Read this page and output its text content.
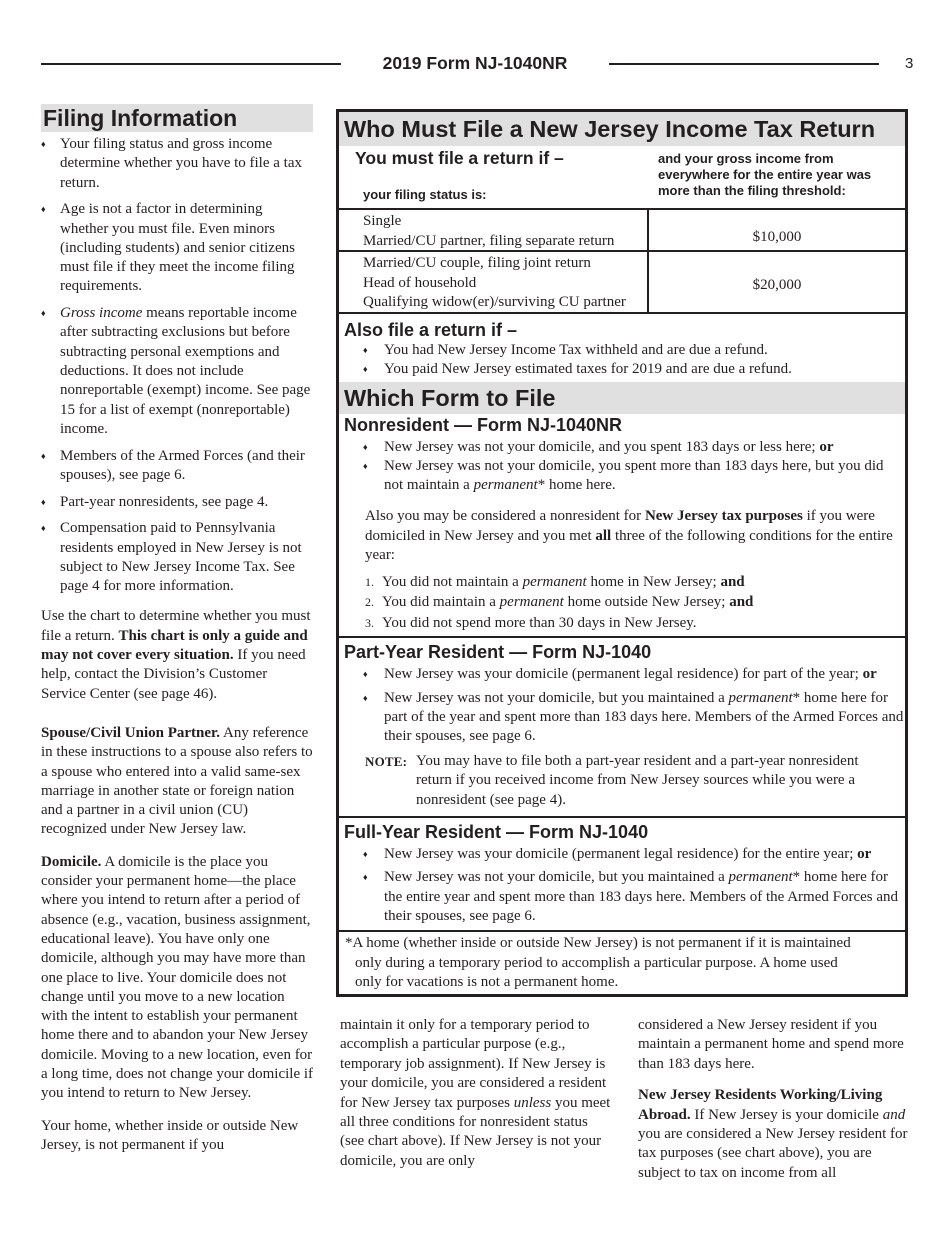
2019 Form NJ-1040NR	3
Filing Information
♦ Your filing status and gross income determine whether you have to file a tax return.
♦ Age is not a factor in determining whether you must file. Even minors (including students) and senior citizens must file if they meet the income filing requirements.
♦ Gross income means reportable income after subtracting exclusions but before subtracting personal exemptions and deductions. It does not include nonreportable (exempt) income. See page 15 for a list of exempt (nonreportable) income.
♦ Members of the Armed Forces (and their spouses), see page 6.
♦ Part-year nonresidents, see page 4.
♦ Compensation paid to Pennsylvania residents employed in New Jersey is not subject to New Jersey Income Tax. See page 4 for more information.

Use the chart to determine whether you must file a return. This chart is only a guide and may not cover every situation. If you need help, contact the Division’s Customer Service Center (see page 46).

Spouse/Civil Union Partner. Any reference in these instructions to a spouse also refers to a spouse who entered into a valid same-sex marriage in another state or foreign nation and a partner in a civil union (CU) recognized under New Jersey law.

Domicile. A domicile is the place you consider your permanent home—the place where you intend to return after a period of absence (e.g., vacation, business assignment, educational leave). You have only one domicile, although you may have more than one place to live. Your domicile does not change until you move to a new location with the intent to establish your permanent home there and to abandon your New Jersey domicile. Moving to a new location, even for a long time, does not change your domicile if you intend to return to New Jersey.

Your home, whether inside or outside New Jersey, is not permanent if you

Who Must File a New Jersey Income Tax Return
You must file a return if –
your filing status is:
and your gross income from everywhere for the entire year was more than the filing threshold:
Single
Married/CU partner, filing separate return	$10,000
Married/CU couple, filing joint return
Head of household
Qualifying widow(er)/surviving CU partner
$20,000
Also file a return if –
♦ You had New Jersey Income Tax withheld and are due a refund.
♦ You paid New Jersey estimated taxes for 2019 and are due a refund.
Which Form to File
Nonresident — Form NJ-1040NR
♦ New Jersey was not your domicile, and you spent 183 days or less here; or
♦ New Jersey was not your domicile, you spent more than 183 days here, but you did not maintain a permanent* home here.

Also you may be considered a nonresident for New Jersey tax purposes if you were domiciled in New Jersey and you met all three of the following conditions for the entire year:

1. You did not maintain a permanent home in New Jersey; and
2. You did maintain a permanent home outside New Jersey; and
3. You did not spend more than 30 days in New Jersey.
Part-Year Resident — Form NJ-1040
♦ New Jersey was your domicile (permanent legal residence) for part of the year; or
♦ New Jersey was not your domicile, but you maintained a permanent* home here for part of the year and spent more than 183 days here. Members of the Armed Forces and their spouses, see page 6.
NOTE: You may have to file both a part-year resident and a part-year nonresident return if you received income from New Jersey sources while you were a nonresident (see page 4).
Full-Year Resident — Form NJ-1040
♦ New Jersey was your domicile (permanent legal residence) for the entire year; or
♦ New Jersey was not your domicile, but you maintained a permanent* home here for the entire year and spent more than 183 days here. Members of the Armed Forces and their spouses, see page 6.
*A home (whether inside or outside New Jersey) is not permanent if it is maintained
only during a temporary period to accomplish a particular purpose. A home used
only for vacations is not a permanent home.

maintain it only for a temporary period to accomplish a particular purpose (e.g., temporary job assignment). If New Jersey is your domicile, you are considered a resident for New Jersey tax purposes unless you meet all three conditions for nonresident status (see chart above). If New Jersey is not your domicile, you are only

considered a New Jersey resident if you maintain a permanent home and spend more than 183 days here.

New Jersey Residents Working/Living Abroad. If New Jersey is your domicile and you are considered a New Jersey resident for tax purposes (see chart above), you are subject to tax on income from all
